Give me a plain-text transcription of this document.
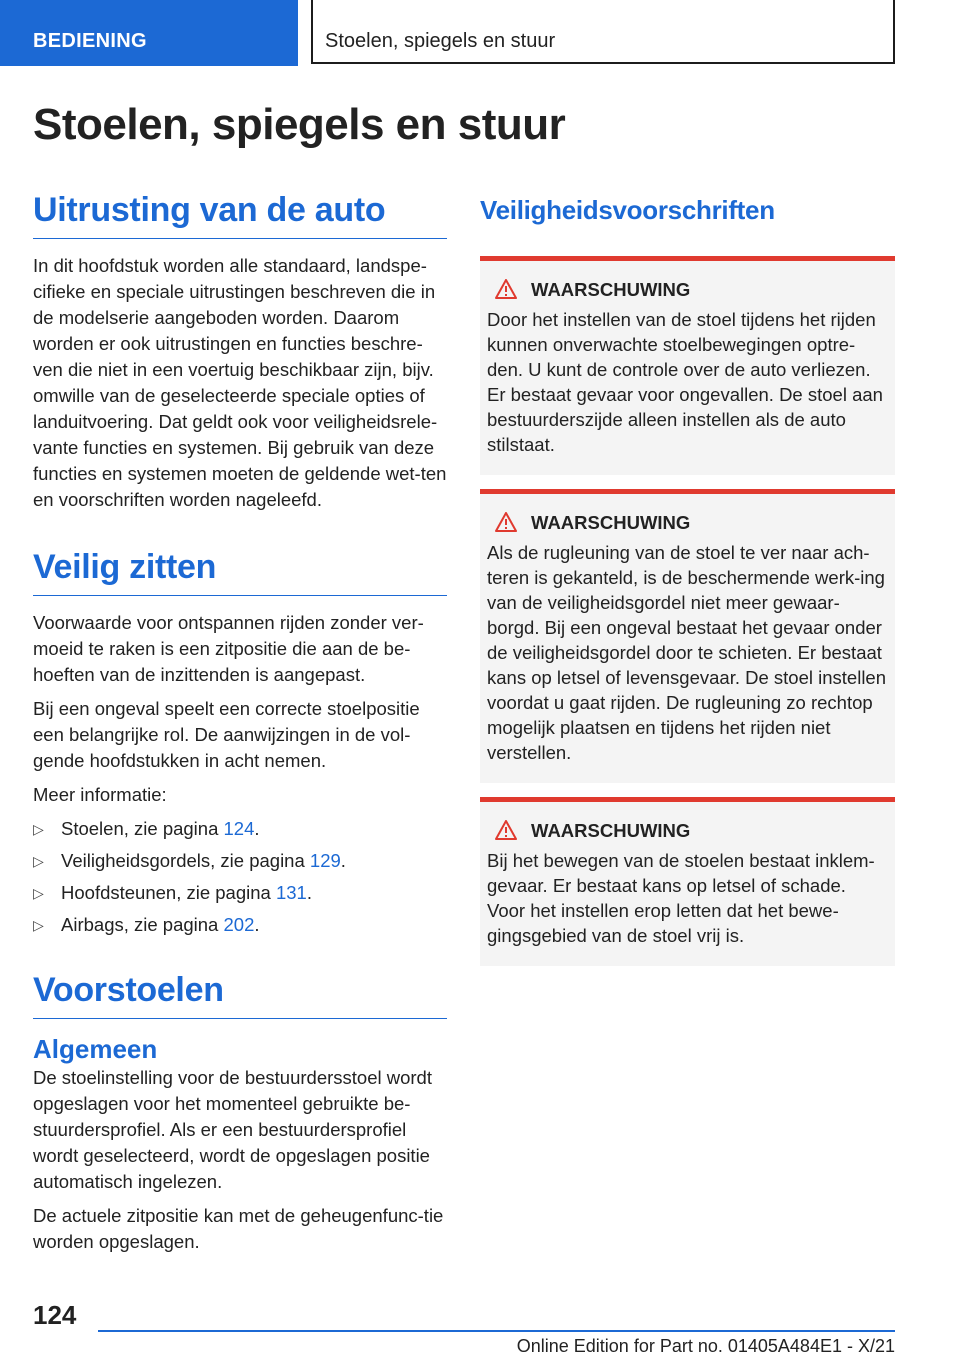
BEDIENING	Stoelen, spiegels en stuur
Stoelen, spiegels en stuur
Uitrusting van de auto

In dit hoofdstuk worden alle standaard, landspe‐cifieke en speciale uitrustingen beschreven die in de modelserie aangeboden worden. Daarom worden er ook uitrustingen en functies beschre‐ven die niet in een voertuig beschikbaar zijn, bijv. omwille van de geselecteerde speciale opties of landuitvoering. Dat geldt ook voor veiligheidsrele‐vante functies en systemen. Bij gebruik van deze functies en systemen moeten de geldende wet‐ten en voorschriften worden nageleefd.

Veilig zitten

Voorwaarde voor ontspannen rijden zonder ver‐moeid te raken is een zitpositie die aan de be‐hoeften van de inzittenden is aangepast.

Bij een ongeval speelt een correcte stoelpositie een belangrijke rol. De aanwijzingen in de vol‐gende hoofdstukken in acht nemen.

Meer informatie:

▷ Stoelen, zie pagina 124.
▷ Veiligheidsgordels, zie pagina 129.
▷ Hoofdsteunen, zie pagina 131.
▷ Airbags, zie pagina 202.
Voorstoelen
Algemeen

De stoelinstelling voor de bestuurdersstoel wordt opgeslagen voor het momenteel gebruikte be‐stuurdersprofiel. Als er een bestuurdersprofiel wordt geselecteerd, wordt de opgeslagen positie automatisch ingelezen.

De actuele zitpositie kan met de geheugenfunc‐tie worden opgeslagen.

Veiligheidsvoorschriften
WAARSCHUWING

Door het instellen van de stoel tijdens het rijden kunnen onverwachte stoelbewegingen optre‐den. U kunt de controle over de auto verliezen. Er bestaat gevaar voor ongevallen. De stoel aan bestuurderszijde alleen instellen als de auto stilstaat.

WAARSCHUWING

Als de rugleuning van de stoel te ver naar ach‐teren is gekanteld, is de beschermende werk‐ing van de veiligheidsgordel niet meer gewaar‐borgd. Bij een ongeval bestaat het gevaar onder de veiligheidsgordel door te schieten. Er bestaat kans op letsel of levensgevaar. De stoel instellen voordat u gaat rijden. De rugleuning zo rechtop mogelijk plaatsen en tijdens het rijden niet verstellen.

WAARSCHUWING

Bij het bewegen van de stoelen bestaat inklem‐gevaar. Er bestaat kans op letsel of schade. Voor het instellen erop letten dat het bewe‐gingsgebied van de stoel vrij is.

124
Online Edition for Part no. 01405A484E1 - X/21
